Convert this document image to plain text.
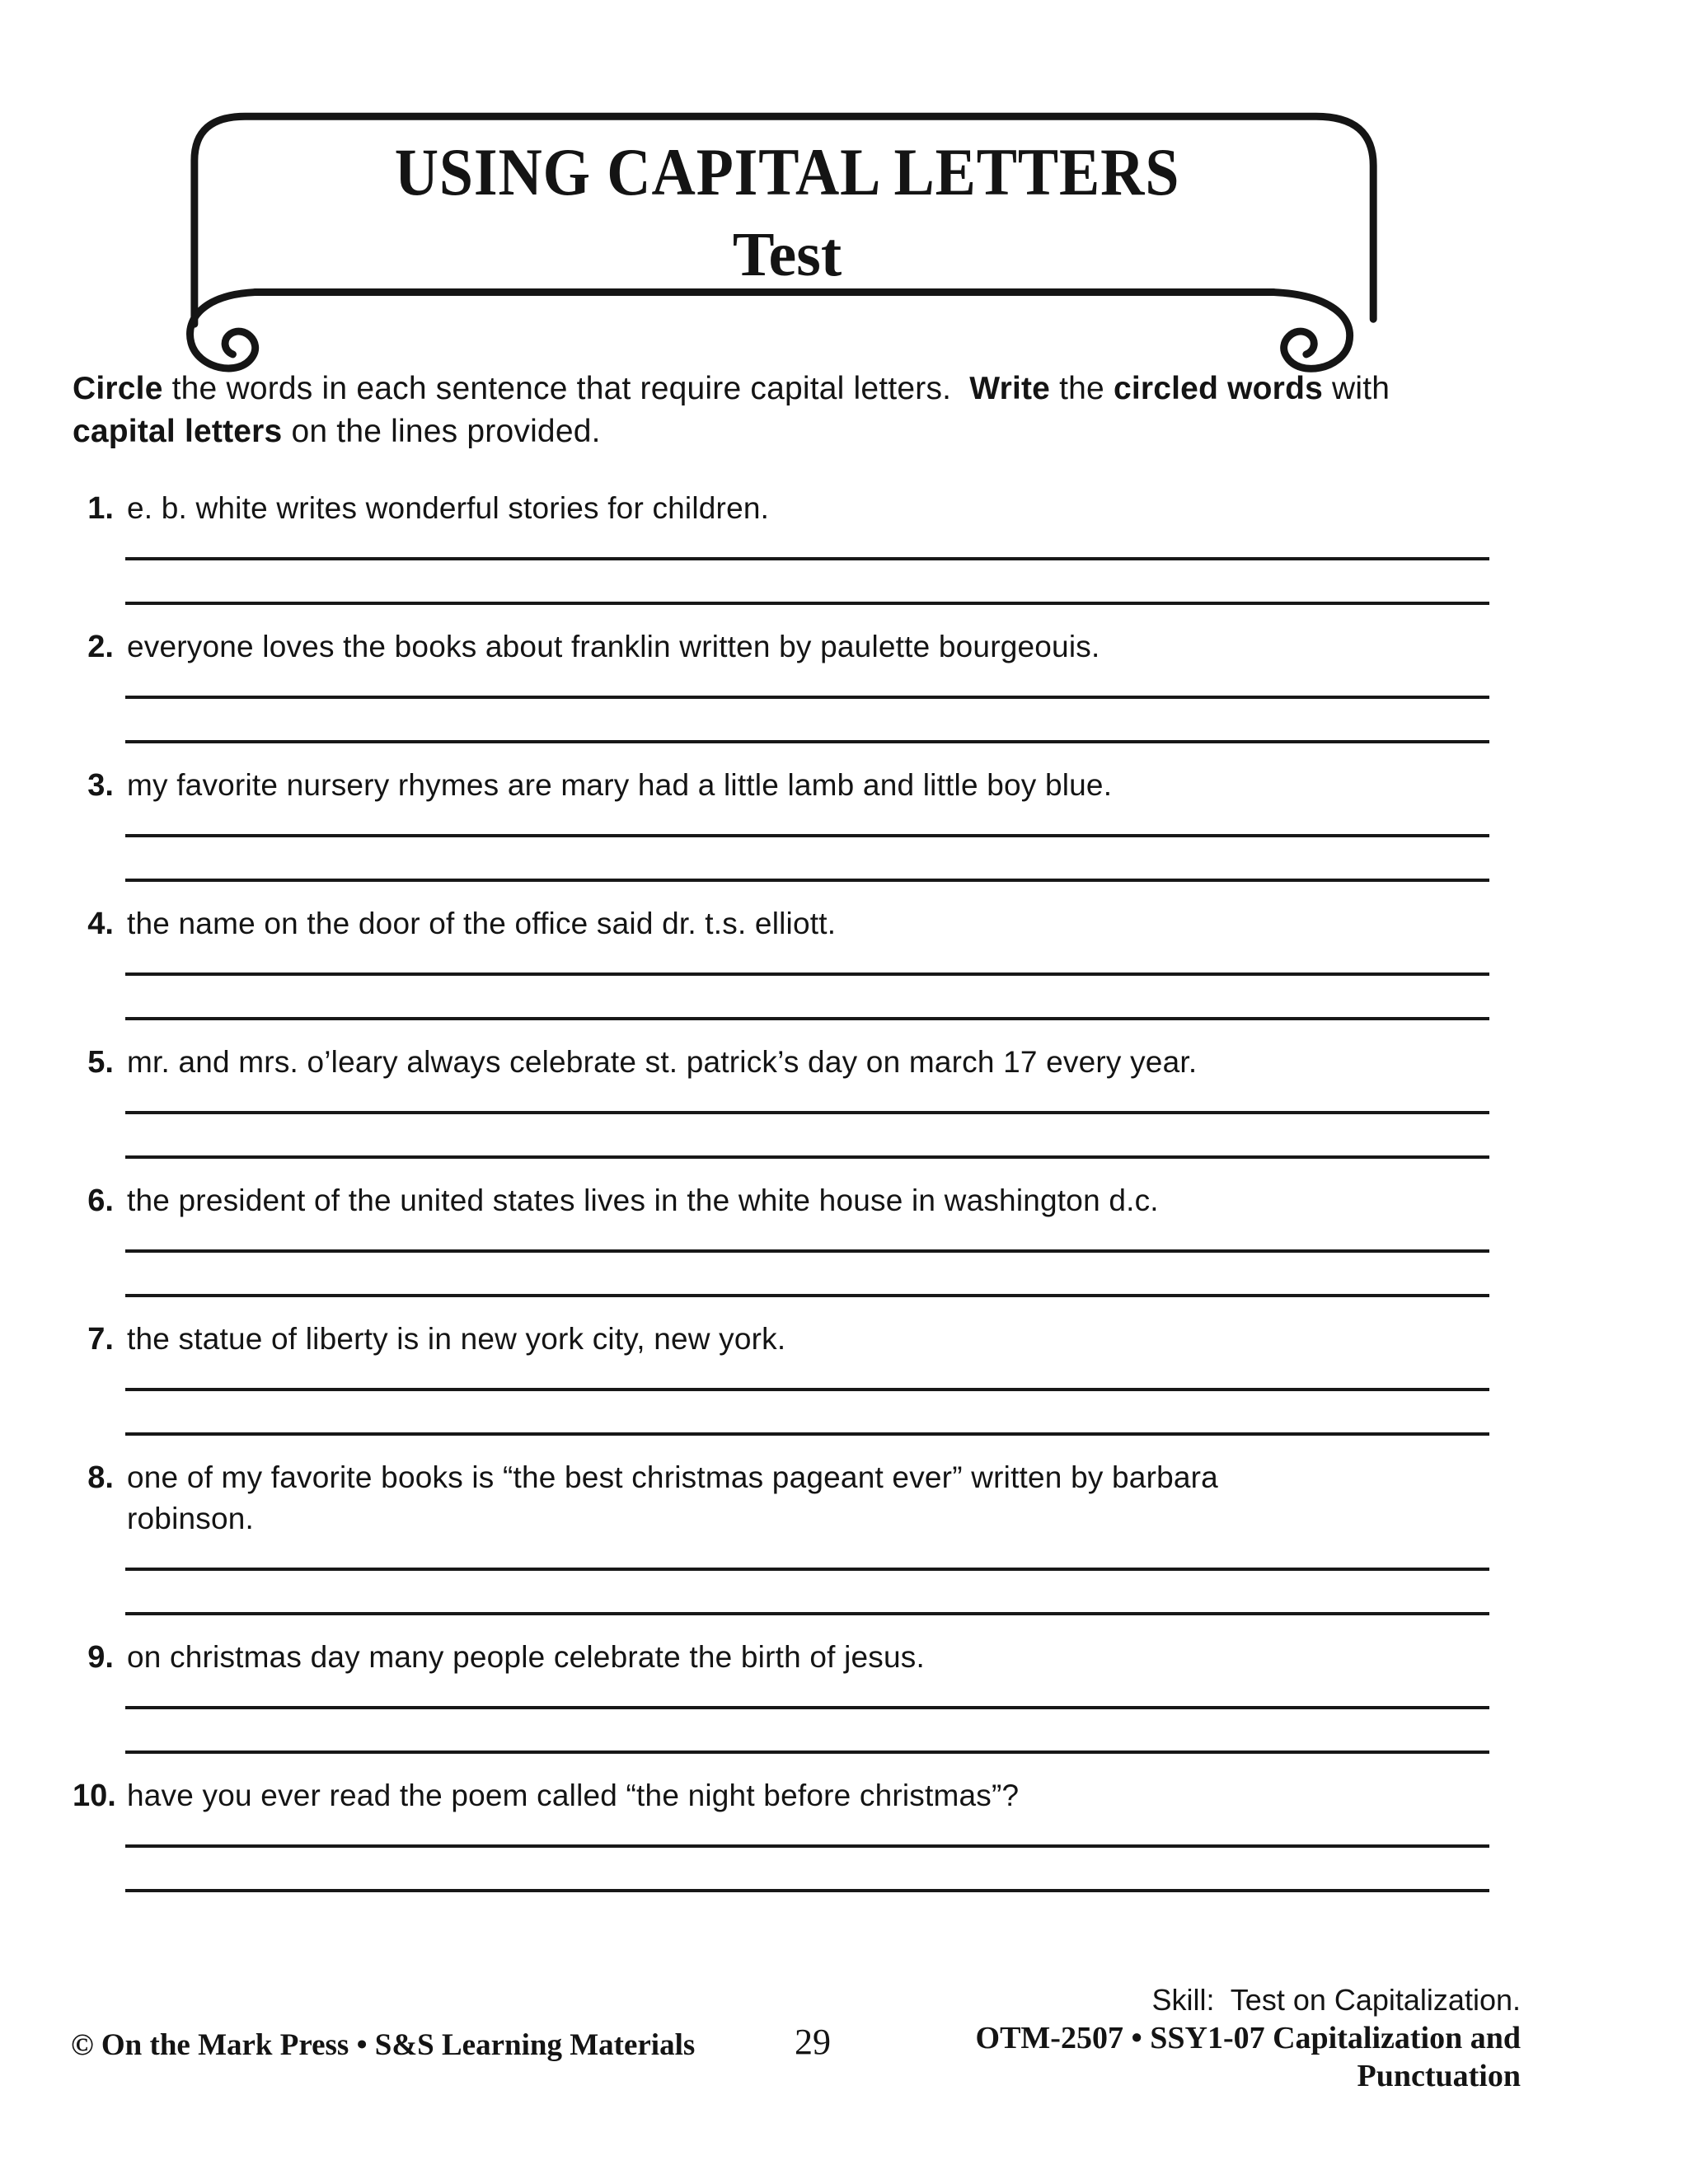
USING CAPITAL LETTERS
Test
Circle the words in each sentence that require capital letters.  Write the circled words with capital letters on the lines provided.
1. e. b. white writes wonderful stories for children.
2. everyone loves the books about franklin written by paulette bourgeouis.
3. my favorite nursery rhymes are mary had a little lamb and little boy blue.
4. the name on the door of the office said dr. t.s. elliott.
5. mr. and mrs. o’leary always celebrate st. patrick’s day on march 17 every year.
6. the president of the united states lives in the white house in washington d.c.
7. the statue of liberty is in new york city, new york.
8. one of my favorite books is “the best christmas pageant ever” written by barbara robinson.
9. on christmas day many people celebrate the birth of jesus.
10. have you ever read the poem called “the night before christmas”?
© On the Mark Press • S&S Learning Materials	29
Skill:  Test on Capitalization.
OTM-2507 • SSY1-07 Capitalization and
Punctuation
